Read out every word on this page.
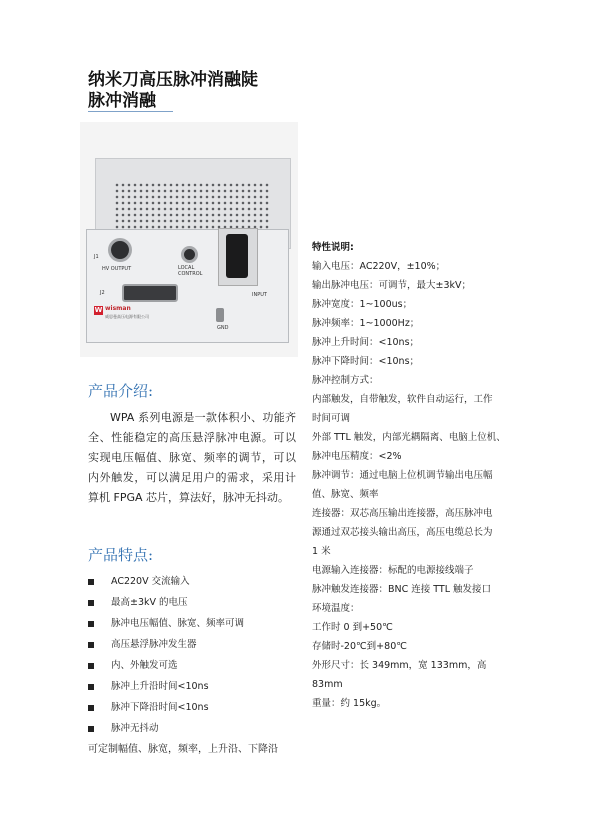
纳米刀高压脉冲消融陡
脉冲消融
J1
HV OUTPUT	LOCAL CONTROL
J2	INPUT
GND
W wisman
威思曼高压电源有限公司
产品介绍:
WPA 系列电源是一款体积小、功能齐全、性能稳定的高压悬浮脉冲电源。可以实现电压幅值、脉宽、频率的调节，可以内外触发，可以满足用户的需求，采用计算机 FPGA 芯片，算法好，脉冲无抖动。
产品特点:
AC220V 交流输入
最高±3kV 的电压
脉冲电压幅值、脉宽、频率可调
高压悬浮脉冲发生器
内、外触发可选
脉冲上升沿时间<10ns
脉冲下降沿时间<10ns
脉冲无抖动
可定制幅值、脉宽，频率，上升沿、下降沿
特性说明:
输入电压：AC220V，±10%；
输出脉冲电压：可调节，最大±3kV；
脉冲宽度：1~100us；
脉冲频率：1~1000Hz；
脉冲上升时间：<10ns；
脉冲下降时间：<10ns；
脉冲控制方式：
内部触发，自带触发，软件自动运行，工作
时间可调
外部 TTL 触发，内部光耦隔离、电脑上位机、
脉冲电压精度：<2%
脉冲调节：通过电脑上位机调节输出电压幅
值、脉宽、频率
连接器：双芯高压输出连接器，高压脉冲电
源通过双芯接头输出高压，高压电缆总长为
1 米
电源输入连接器：标配的电源接线端子
脉冲触发连接器：BNC 连接 TTL 触发接口
环境温度：
工作时 0 到+50℃
存储时-20℃到+80℃
外形尺寸：长 349mm，宽 133mm，高
83mm
重量：约 15kg。
